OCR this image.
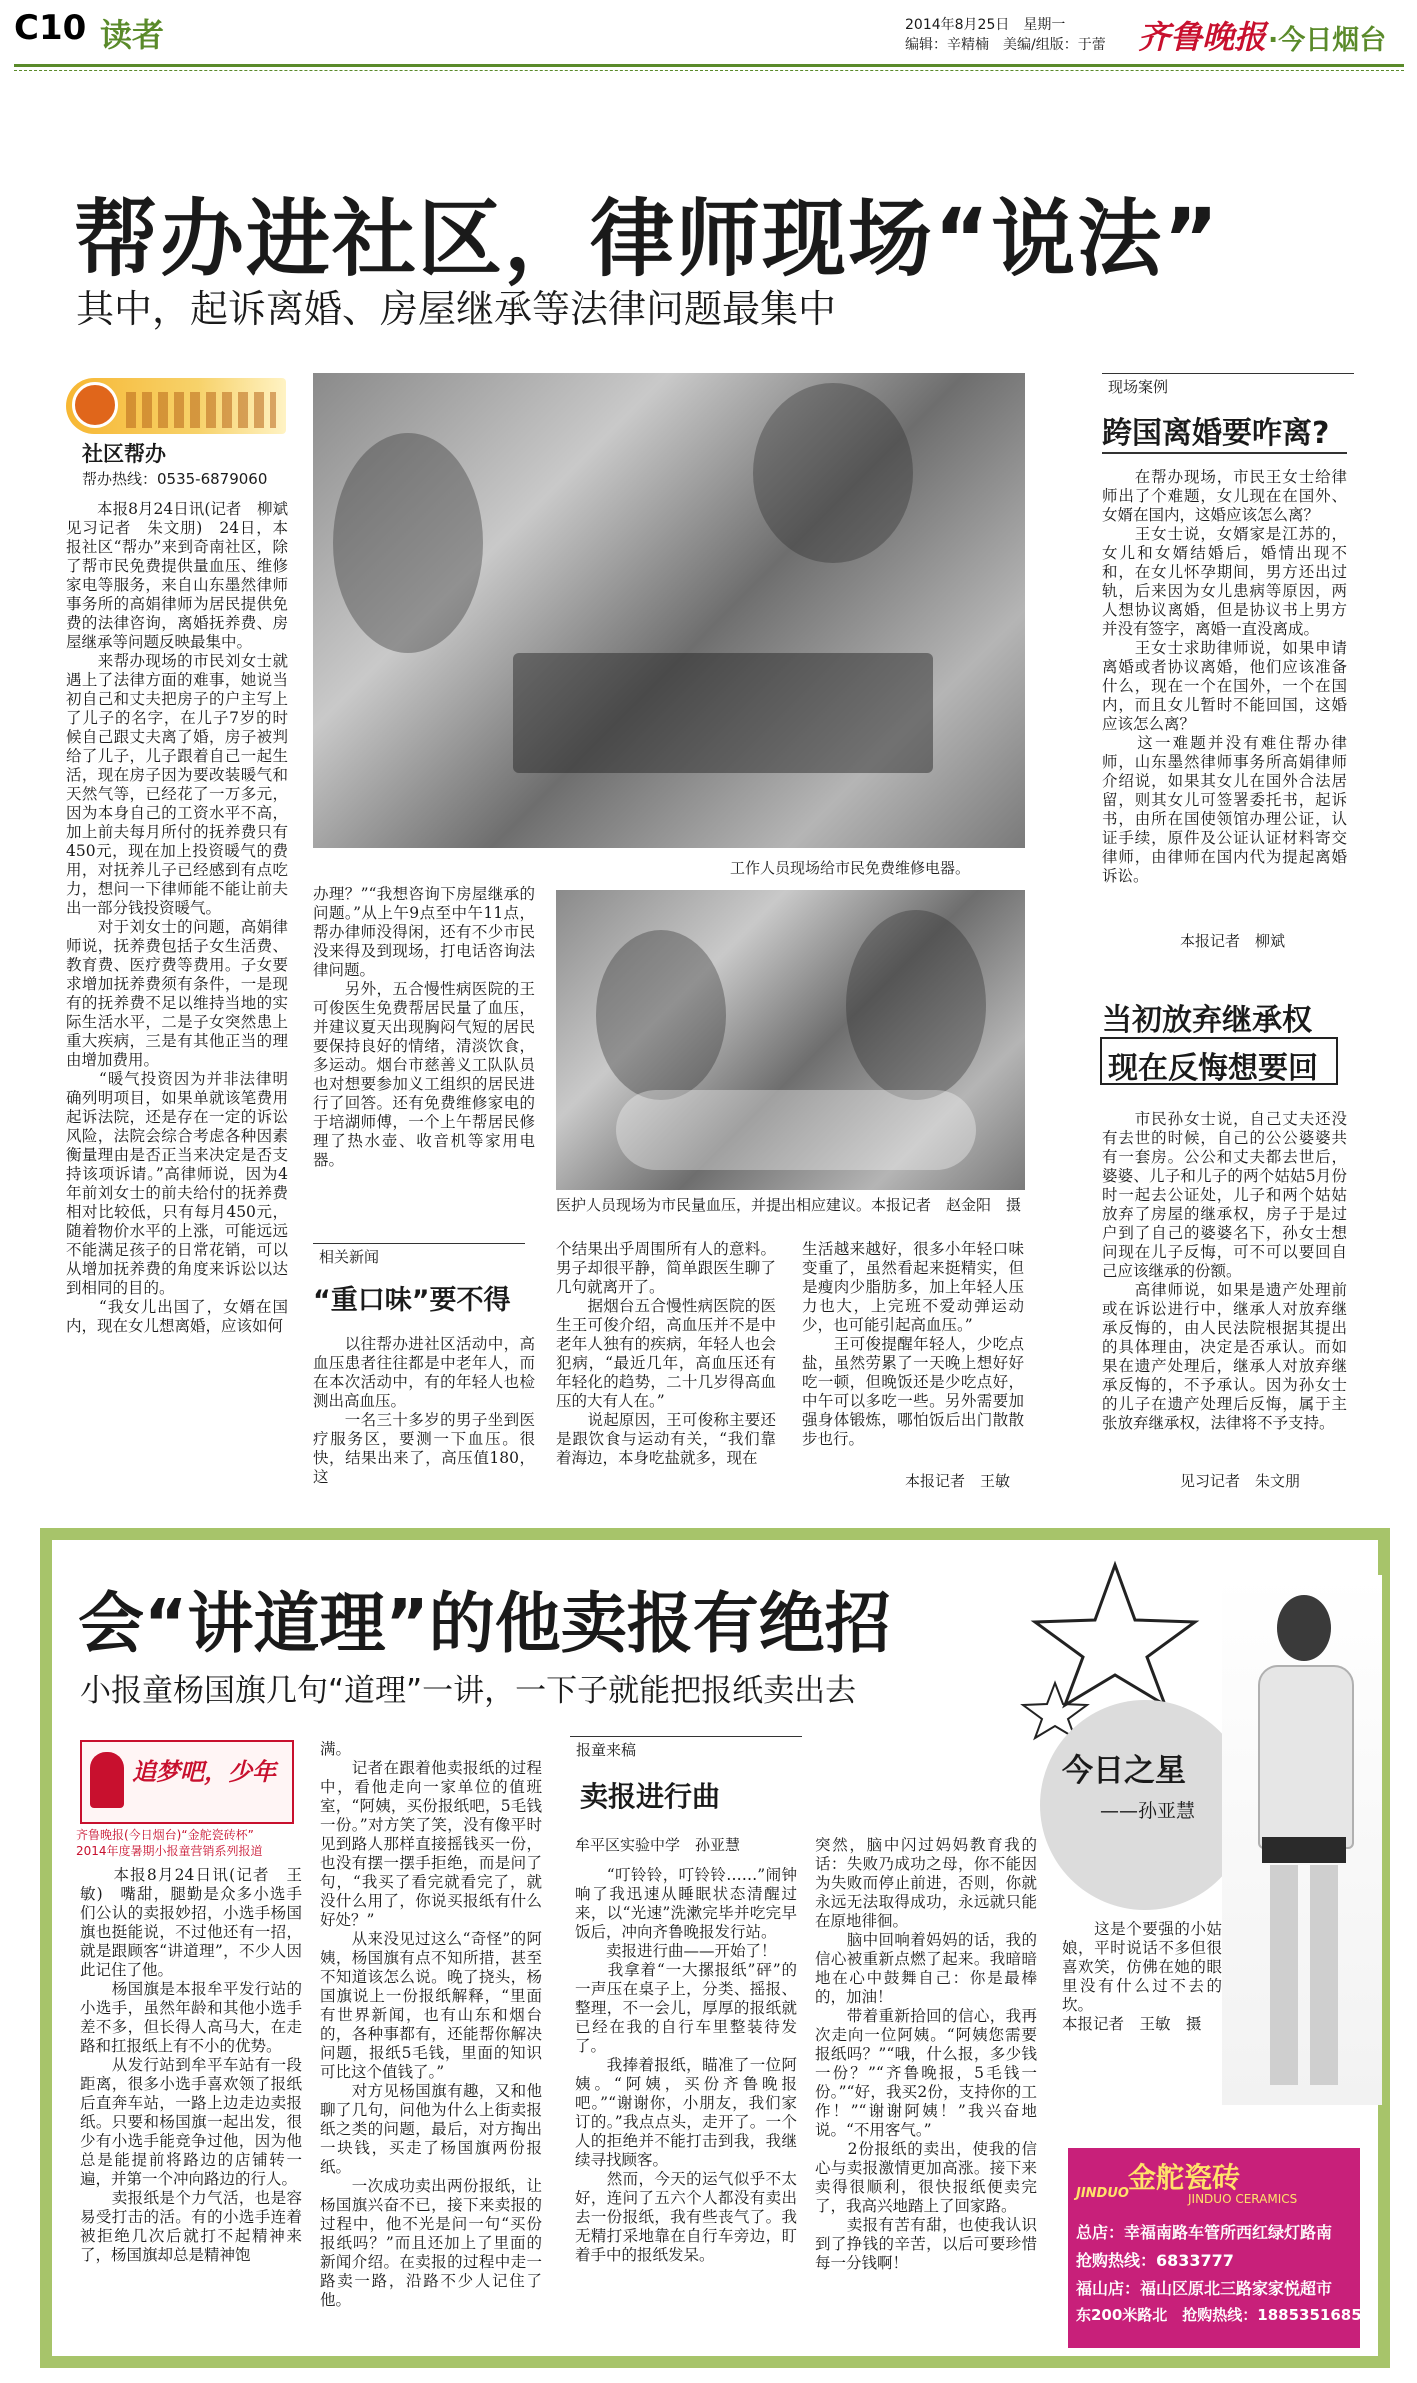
C10 读者	2014年8月25日　星期一
编辑：辛精楠　美编/组版：于蕾 齐鲁晚报 ·今日烟台
帮办进社区，律师现场“说法”
其中，起诉离婚、房屋继承等法律问题最集中
社区帮办
帮办热线：0535-6879060
　　本报8月24日讯(记者　柳斌　见习记者　朱文朋)　24日，本报社区“帮办”来到奇南社区，除了帮市民免费提供量血压、维修家电等服务，来自山东墨然律师事务所的高娟律师为居民提供免费的法律咨询，离婚抚养费、房屋继承等问题反映最集中。
　　来帮办现场的市民刘女士就遇上了法律方面的难事，她说当初自己和丈夫把房子的户主写上了儿子的名字，在儿子7岁的时候自己跟丈夫离了婚，房子被判给了儿子，儿子跟着自己一起生活，现在房子因为要改装暖气和天然气等，已经花了一万多元，因为本身自己的工资水平不高，加上前夫每月所付的抚养费只有450元，现在加上投资暖气的费用，对抚养儿子已经感到有点吃力，想问一下律师能不能让前夫出一部分钱投资暖气。
　　对于刘女士的问题，高娟律师说，抚养费包括子女生活费、教育费、医疗费等费用。子女要求增加抚养费须有条件，一是现有的抚养费不足以维持当地的实际生活水平，二是子女突然患上重大疾病，三是有其他正当的理由增加费用。
　　“暖气投资因为并非法律明确列明项目，如果单就该笔费用起诉法院，还是存在一定的诉讼风险，法院会综合考虑各种因素衡量理由是否正当来决定是否支持该项诉请。”高律师说，因为4年前刘女士的前夫给付的抚养费相对比较低，只有每月450元，随着物价水平的上涨，可能远远不能满足孩子的日常花销，可以从增加抚养费的角度来诉讼以达到相同的目的。
　　“我女儿出国了，女婿在国内，现在女儿想离婚，应该如何
工作人员现场给市民免费维修电器。
办理？”“我想咨询下房屋继承的问题。”从上午9点至中午11点，帮办律师没得闲，还有不少市民没来得及到现场，打电话咨询法律问题。
　　另外，五合慢性病医院的王可俊医生免费帮居民量了血压，并建议夏天出现胸闷气短的居民要保持良好的情绪，清淡饮食，多运动。烟台市慈善义工队队员也对想要参加义工组织的居民进行了回答。还有免费维修家电的于培湖师傅，一个上午帮居民修理了热水壶、收音机等家用电器。
医护人员现场为市民量血压，并提出相应建议。本报记者　赵金阳　摄
相关新闻
“重口味”要不得
　　以往帮办进社区活动中，高血压患者往往都是中老年人，而在本次活动中，有的年轻人也检测出高血压。
　　一名三十多岁的男子坐到医疗服务区，要测一下血压。很快，结果出来了，高压值180，这
个结果出乎周围所有人的意料。男子却很平静，简单跟医生聊了几句就离开了。
　　据烟台五合慢性病医院的医生王可俊介绍，高血压并不是中老年人独有的疾病，年轻人也会犯病，“最近几年，高血压还有年轻化的趋势，二十几岁得高血压的大有人在。”
　　说起原因，王可俊称主要还是跟饮食与运动有关，“我们靠着海边，本身吃盐就多，现在
生活越来越好，很多小年轻口味变重了，虽然看起来挺精实，但是瘦肉少脂肪多，加上年轻人压力也大，上完班不爱动弹运动少，也可能引起高血压。”
　　王可俊提醒年轻人，少吃点盐，虽然劳累了一天晚上想好好吃一顿，但晚饭还是少吃点好，中午可以多吃一些。另外需要加强身体锻炼，哪怕饭后出门散散步也行。
本报记者　王敏
现场案例
跨国离婚要咋离?
　　在帮办现场，市民王女士给律师出了个难题，女儿现在在国外、女婿在国内，这婚应该怎么离？
　　王女士说，女婿家是江苏的，女儿和女婿结婚后，婚情出现不和，在女儿怀孕期间，男方还出过轨，后来因为女儿患病等原因，两人想协议离婚，但是协议书上男方并没有签字，离婚一直没离成。
　　王女士求助律师说，如果申请离婚或者协议离婚，他们应该准备什么，现在一个在国外，一个在国内，而且女儿暂时不能回国，这婚应该怎么离？
　　这一难题并没有难住帮办律师，山东墨然律师事务所高娟律师介绍说，如果其女儿在国外合法居留，则其女儿可签署委托书，起诉书，由所在国使领馆办理公证，认证手续，原件及公证认证材料寄交律师，由律师在国内代为提起离婚诉讼。
本报记者　柳斌
当初放弃继承权
现在反悔想要回
　　市民孙女士说，自己丈夫还没有去世的时候，自己的公公婆婆共有一套房。公公和丈夫都去世后，婆婆、儿子和儿子的两个姑姑5月份时一起去公证处，儿子和两个姑姑放弃了房屋的继承权，房子于是过户到了自己的婆婆名下，孙女士想问现在儿子反悔，可不可以要回自己应该继承的份额。
　　高律师说，如果是遗产处理前或在诉讼进行中，继承人对放弃继承反悔的，由人民法院根据其提出的具体理由，决定是否承认。而如果在遗产处理后，继承人对放弃继承反悔的，不予承认。因为孙女士的儿子在遗产处理后反悔，属于主张放弃继承权，法律将不予支持。
见习记者　朱文朋
会“讲道理”的他卖报有绝招
小报童杨国旗几句“道理”一讲，一下子就能把报纸卖出去
追梦吧，少年
齐鲁晚报(今日烟台)“金舵瓷砖杯”
2014年度暑期小报童营销系列报道
　　本报8月24日讯(记者　王敏)　嘴甜，腿勤是众多小选手们公认的卖报妙招，小选手杨国旗也挺能说，不过他还有一招，就是跟顾客“讲道理”，不少人因此记住了他。
　　杨国旗是本报牟平发行站的小选手，虽然年龄和其他小选手差不多，但长得人高马大，在走路和扛报纸上有不小的优势。
　　从发行站到牟平车站有一段距离，很多小选手喜欢领了报纸后直奔车站，一路上边走边卖报纸。只要和杨国旗一起出发，很少有小选手能竞争过他，因为他总是能提前将路边的店铺转一遍，并第一个冲向路边的行人。
　　卖报纸是个力气活，也是容易受打击的活。有的小选手连着被拒绝几次后就打不起精神来了，杨国旗却总是精神饱
满。
　　记者在跟着他卖报纸的过程中，看他走向一家单位的值班室，“阿姨，买份报纸吧，5毛钱一份。”对方笑了笑，没有像平时见到路人那样直接摇钱买一份，也没有摆一摆手拒绝，而是问了句，“我买了看完就看完了，就没什么用了，你说买报纸有什么好处？”
　　从来没见过这么“奇怪”的阿姨，杨国旗有点不知所措，甚至不知道该怎么说。晚了挠头，杨国旗说上一份报纸解释，“里面有世界新闻，也有山东和烟台的，各种事都有，还能帮你解决问题，报纸5毛钱，里面的知识可比这个值钱了。”
　　对方见杨国旗有趣，又和他聊了几句，问他为什么上街卖报纸之类的问题，最后，对方掏出一块钱，买走了杨国旗两份报纸。
　　一次成功卖出两份报纸，让杨国旗兴奋不已，接下来卖报的过程中，他不光是问一句“买份报纸吗？”而且还加上了里面的新闻介绍。在卖报的过程中走一路卖一路，沿路不少人记住了他。
报童来稿
卖报进行曲
牟平区实验中学　孙亚慧
　　“叮铃铃，叮铃铃……”闹钟响了我迅速从睡眠状态清醒过来，以“光速”洗漱完毕并吃完早饭后，冲向齐鲁晚报发行站。
　　卖报进行曲——开始了！
　　我拿着“一大摞报纸”砰”的一声压在桌子上，分类、摇报、整理，不一会儿，厚厚的报纸就已经在我的自行车里整装待发了。
　　我捧着报纸，瞄准了一位阿姨。“阿姨，买份齐鲁晚报吧。”“谢谢你，小朋友，我们家订的。”我点点头，走开了。一个人的拒绝并不能打击到我，我继续寻找顾客。
　　然而，今天的运气似乎不太好，连问了五六个人都没有卖出去一份报纸，我有些丧气了。我无精打采地靠在自行车旁边，盯着手中的报纸发呆。
突然，脑中闪过妈妈教育我的话：失败乃成功之母，你不能因为失败而停止前进，否则，你就永远无法取得成功，永远就只能在原地徘徊。
　　脑中回响着妈妈的话，我的信心被重新点燃了起来。我暗暗地在心中鼓舞自己：你是最棒的，加油！
　　带着重新拾回的信心，我再次走向一位阿姨。“阿姨您需要报纸吗？”“哦，什么报，多少钱一份？”“齐鲁晚报，5毛钱一份。”“好，我买2份，支持你的工作！”“谢谢阿姨！”我兴奋地说。“不用客气。”
　　2份报纸的卖出，使我的信心与卖报激情更加高涨。接下来卖得很顺利，很快报纸便卖完了，我高兴地踏上了回家路。
　　卖报有苦有甜，也使我认识到了挣钱的辛苦，以后可要珍惜每一分钱啊！
今日之星
——孙亚慧
　　这是个要强的小姑娘，平时说话不多但很喜欢笑，仿佛在她的眼里没有什么过不去的坎。
本报记者　王敏　摄
JINDUO 金舵瓷砖
JINDUO CERAMICS
总店：幸福南路车管所西红绿灯路南
抢购热线：6833777
福山店：福山区原北三路家家悦超市
东200米路北　抢购热线：18853516858
